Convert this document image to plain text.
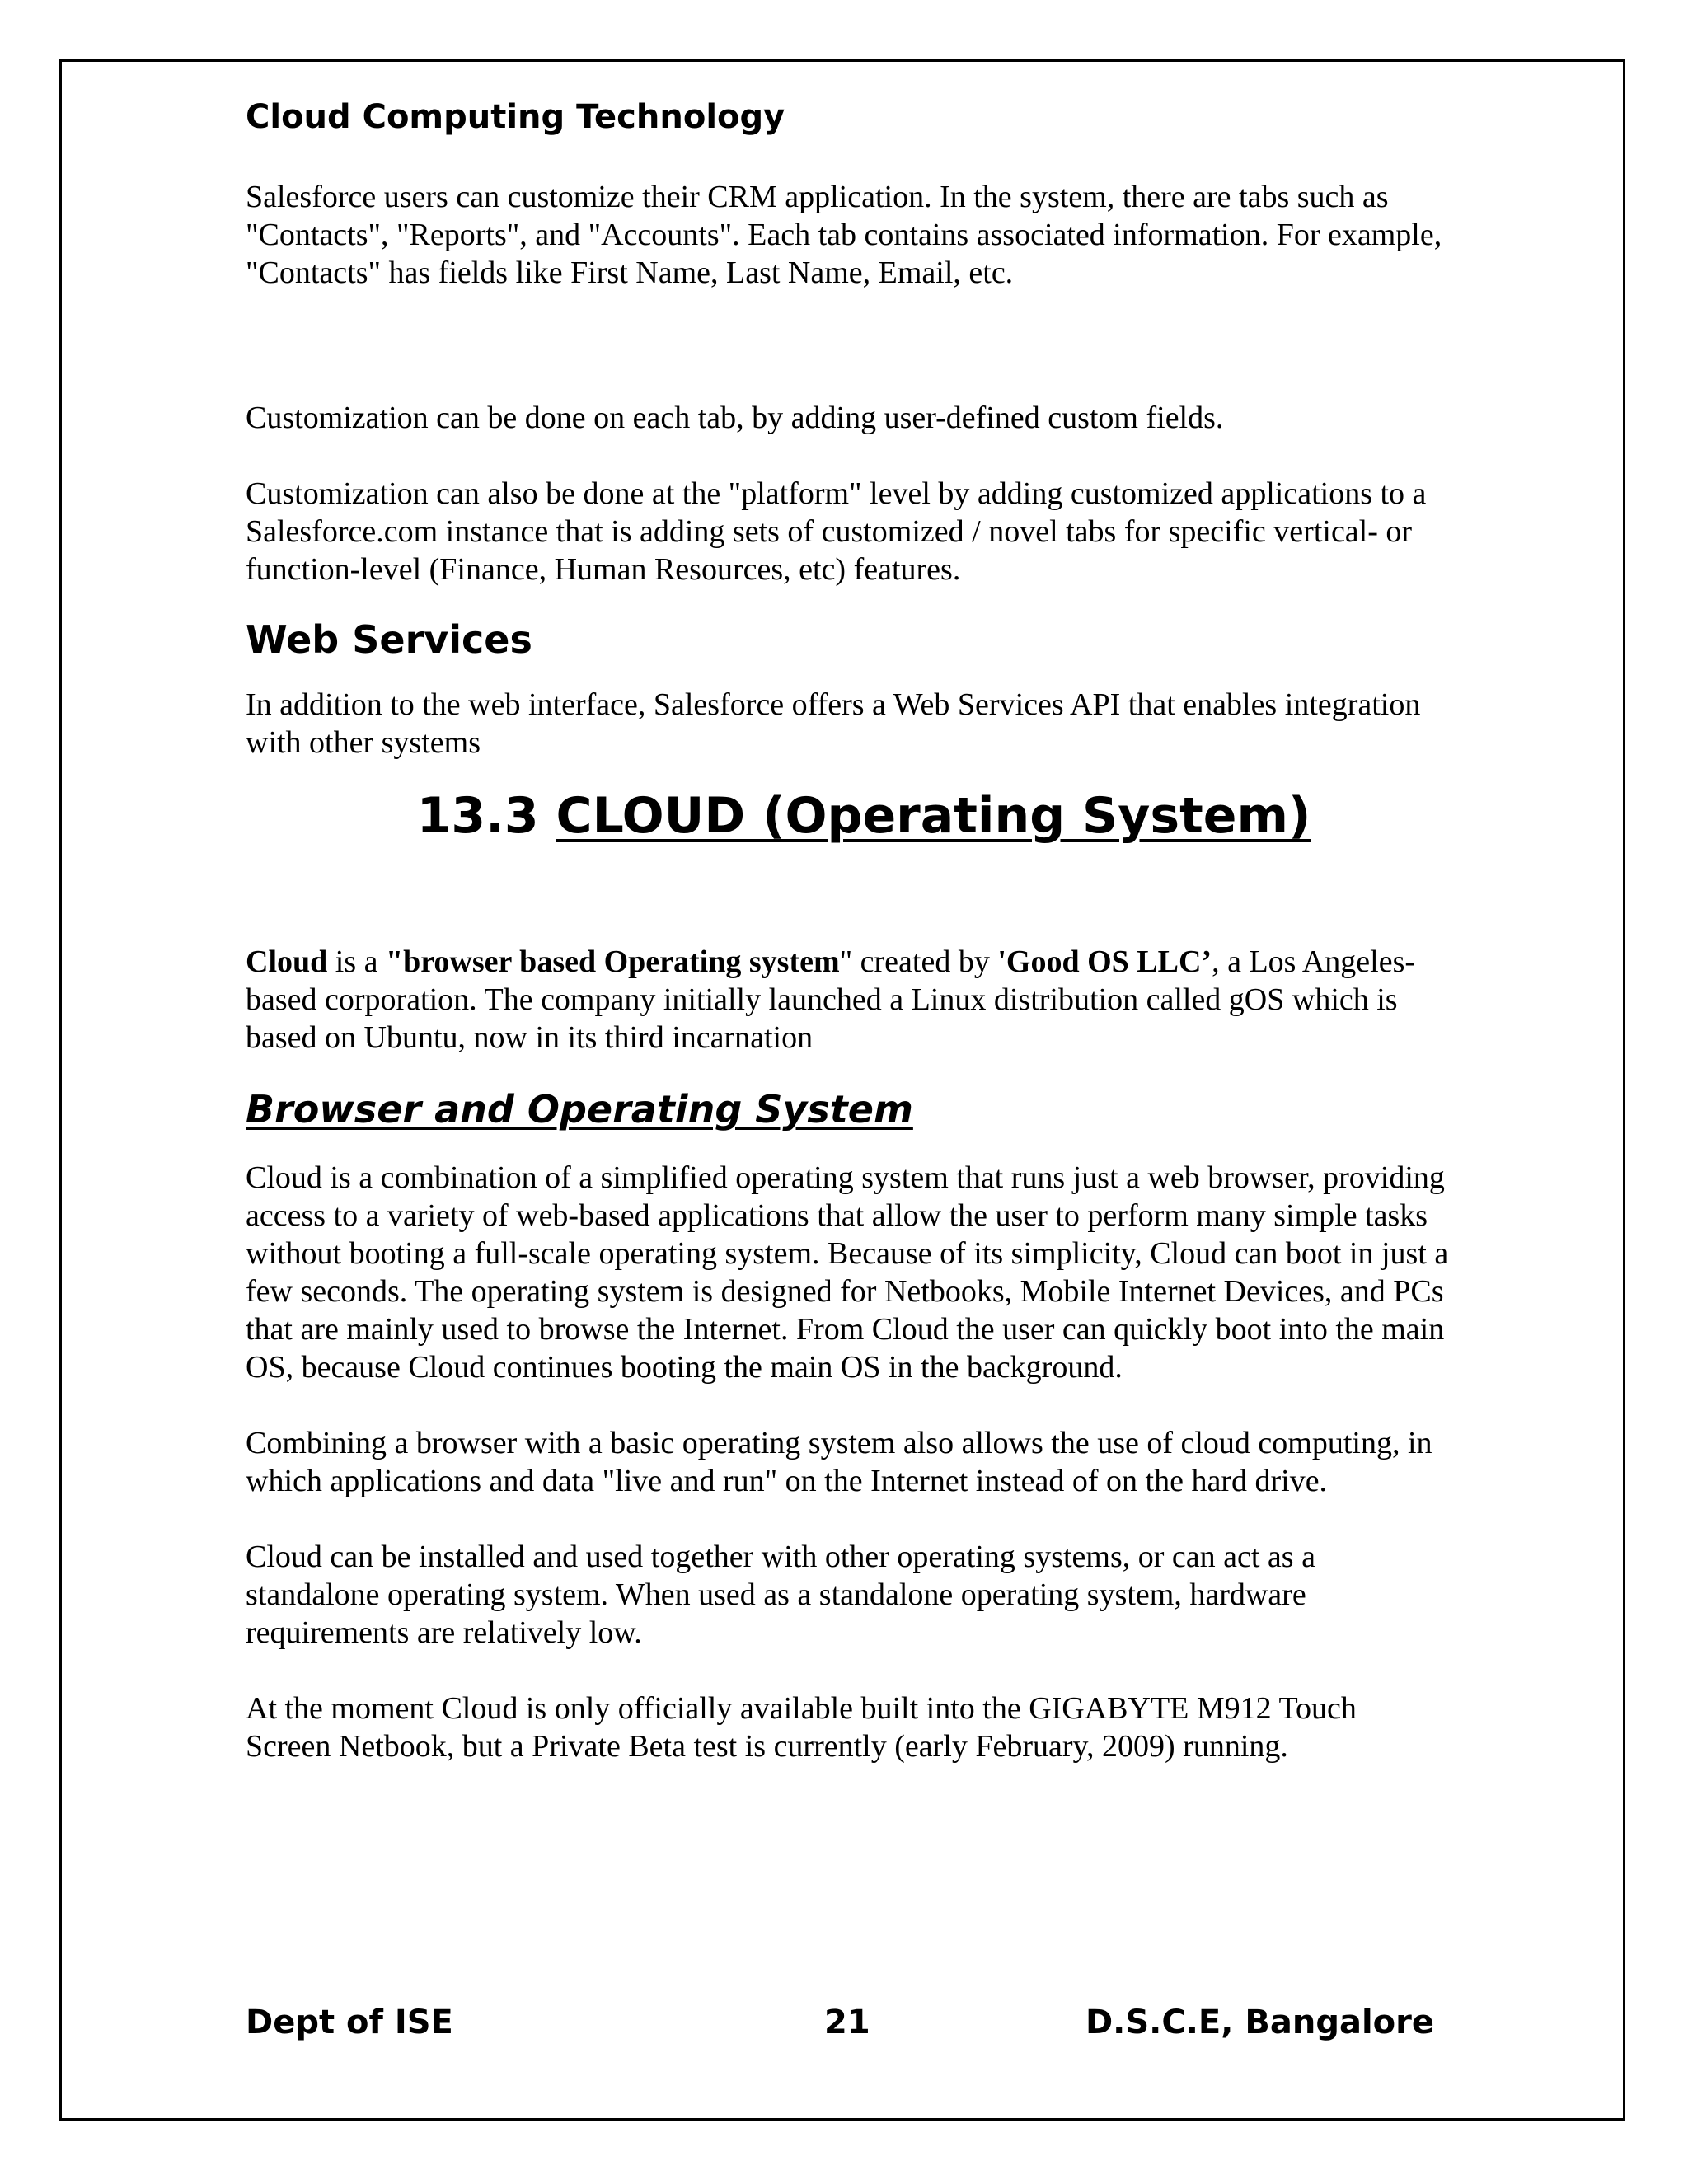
Cloud Computing Technology

Salesforce users can customize their CRM application. In the system, there are tabs such as "Contacts", "Reports", and "Accounts". Each tab contains associated information. For example, "Contacts" has fields like First Name, Last Name, Email, etc.

Customization can be done on each tab, by adding user-defined custom fields.

Customization can also be done at the "platform" level by adding customized applications to a Salesforce.com instance that is adding sets of customized / novel tabs for specific vertical- or function-level (Finance, Human Resources, etc) features.

Web Services

In addition to the web interface, Salesforce offers a Web Services API that enables integration with other systems

13.3 CLOUD (Operating System)

Cloud is a "browser based Operating system" created by 'Good OS LLC’, a Los Angeles-based corporation. The company initially launched a Linux distribution called gOS which is based on Ubuntu, now in its third incarnation

Browser and Operating System

Cloud is a combination of a simplified operating system that runs just a web browser, providing access to a variety of web-based applications that allow the user to perform many simple tasks without booting a full-scale operating system. Because of its simplicity, Cloud can boot in just a few seconds. The operating system is designed for Netbooks, Mobile Internet Devices, and PCs that are mainly used to browse the Internet. From Cloud the user can quickly boot into the main OS, because Cloud continues booting the main OS in the background.

Combining a browser with a basic operating system also allows the use of cloud computing, in which applications and data "live and run" on the Internet instead of on the hard drive.

Cloud can be installed and used together with other operating systems, or can act as a standalone operating system. When used as a standalone operating system, hardware requirements are relatively low.

At the moment Cloud is only officially available built into the GIGABYTE M912 Touch Screen Netbook, but a Private Beta test is currently (early February, 2009) running.

Dept of ISE	21	D.S.C.E, Bangalore
